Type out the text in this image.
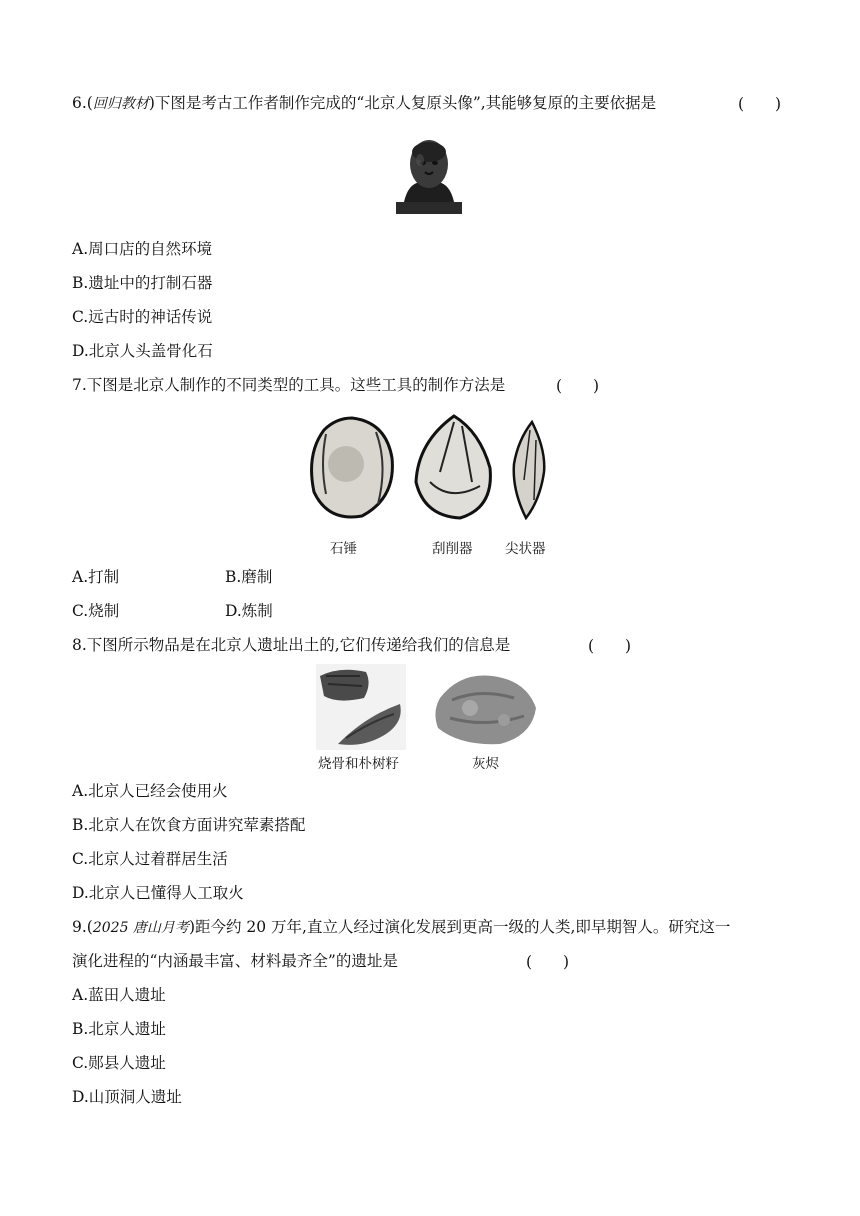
6.(回归教材)下图是考古工作者制作完成的“北京人复原头像”,其能够复原的主要依据是	(　　)
A.周口店的自然环境
B.遗址中的打制石器
C.远古时的神话传说
D.北京人头盖骨化石
7.下图是北京人制作的不同类型的工具。这些工具的制作方法是	(　　)
石锤	刮削器 尖状器
A.打制	B.磨制
C.烧制	D.炼制
8.下图所示物品是在北京人遗址出土的,它们传递给我们的信息是	(　　)
烧骨和朴树籽	灰烬
A.北京人已经会使用火
B.北京人在饮食方面讲究荤素搭配
C.北京人过着群居生活
D.北京人已懂得人工取火
9.(2025 唐山月考)距今约 20 万年,直立人经过演化发展到更高一级的人类,即早期智人。研究这一
演化进程的“内涵最丰富、材料最齐全”的遗址是	(　　)
A.蓝田人遗址
B.北京人遗址
C.郧县人遗址
D.山顶洞人遗址
